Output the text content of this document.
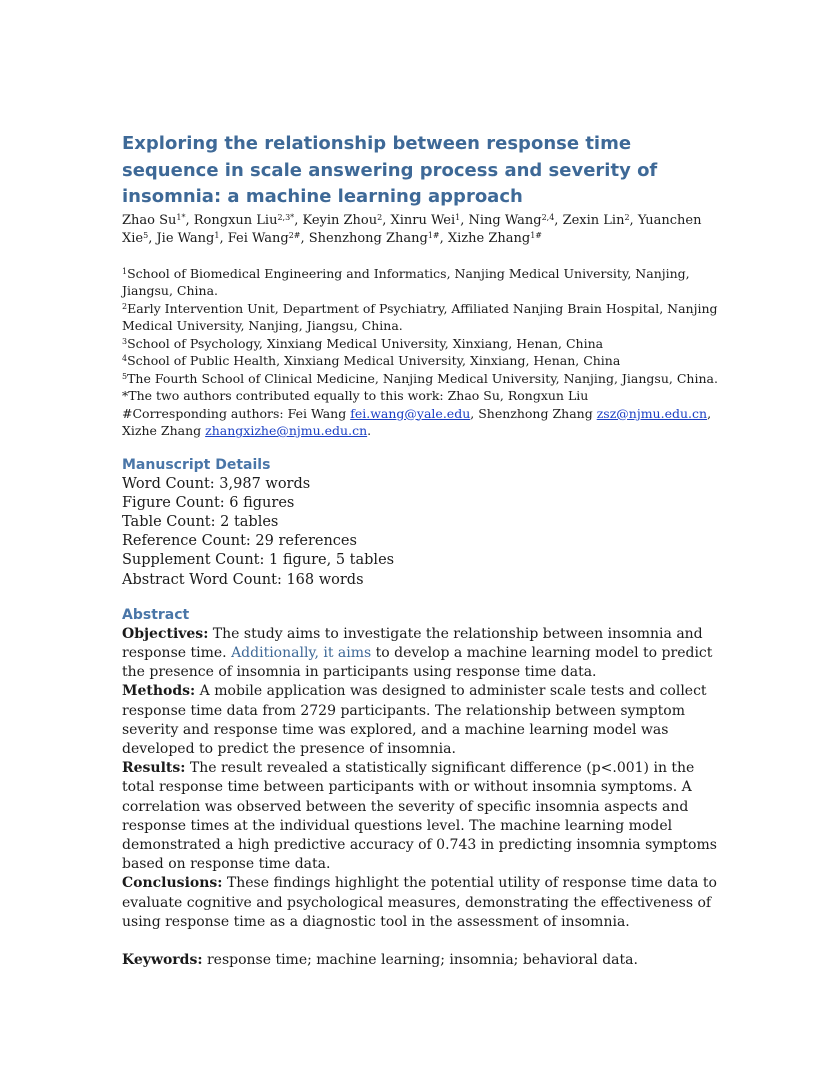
Exploring the relationship between response time sequence in scale answering process and severity of insomnia: a machine learning approach
Zhao $Su^{1*}$, Rongxun Liu$^{2,3*}$, Keyin Zhou$^2$, Xinru Wei$^1$, Ning Wang$^{2,4}$, Zexin Lin$^2$, Yuanchen Xie$^5$, Jie Wang$^1$, Fei Wang$^{2\#}$, Shenzhong Zhang$^{1\#}$, Xizhe Zhang$^{1\#}$
$^1$School of Biomedical Engineering and Informatics, Nanjing Medical University, Nanjing, Jiangsu, China.
$^2$Early Intervention Unit, Department of Psychiatry, Affiliated Nanjing Brain Hospital, Nanjing Medical University, Nanjing, Jiangsu, China.
$^3$School of Psychology, Xinxiang Medical University, Xinxiang, Henan, China
$^4$School of Public Health, Xinxiang Medical University, Xinxiang, Henan, China
$^5$The Fourth School of Clinical Medicine, Nanjing Medical University, Nanjing, Jiangsu, China.
*The two authors contributed equally to this work: Zhao Su, Rongxun Liu
#Corresponding authors: Fei Wang fei.wang@yale.edu, Shenzhong Zhang zsz@njmu.edu.cn, Xizhe Zhang zhangxizhe@njmu.edu.cn.
Manuscript Details
Word Count: 3,987 words
Figure Count: 6 figures
Table Count: 2 tables
Reference Count: 29 references
Supplement Count: 1 figure, 5 tables
Abstract Word Count: 168 words
Abstract
Objectives: The study aims to investigate the relationship between insomnia and response time. Additionally, it aims to develop a machine learning model to predict the presence of insomnia in participants using response time data.
Methods: A mobile application was designed to administer scale tests and collect response time data from 2729 participants. The relationship between symptom severity and response time was explored, and a machine learning model was developed to predict the presence of insomnia.
Results: The result revealed a statistically significant difference (p<.001) in the total response time between participants with or without insomnia symptoms. A correlation was observed between the severity of specific insomnia aspects and response times at the individual questions level. The machine learning model demonstrated a high predictive accuracy of 0.743 in predicting insomnia symptoms based on response time data.
Conclusions: These findings highlight the potential utility of response time data to evaluate cognitive and psychological measures, demonstrating the effectiveness of using response time as a diagnostic tool in the assessment of insomnia.
Keywords: response time; machine learning; insomnia; behavioral data.
